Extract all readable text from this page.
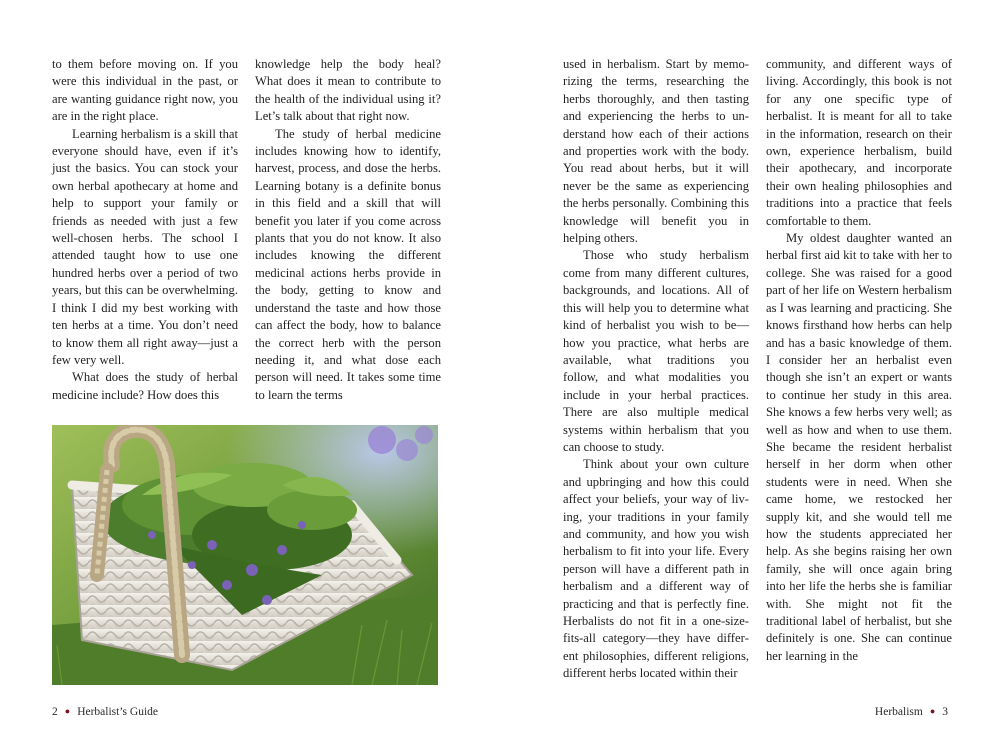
to them before moving on. If you were this individual in the past, or are wanting guidance right now, you are in the right place.

Learning herbalism is a skill that everyone should have, even if it’s just the basics. You can stock your own herbal apothecary at home and help to support your family or friends as needed with just a few well-chosen herbs. The school I attended taught how to use one hundred herbs over a period of two years, but this can be overwhelming. I think I did my best working with ten herbs at a time. You don’t need to know them all right away—just a few very well.

What does the study of herbal medicine include? How does this

knowledge help the body heal? What does it mean to contribute to the health of the individual using it? Let’s talk about that right now.

The study of herbal medicine includes knowing how to identify, harvest, process, and dose the herbs. Learning botany is a definite bonus in this field and a skill that will benefit you later if you come across plants that you do not know. It also includes knowing the different medicinal actions herbs provide in the body, getting to know and understand the taste and how those can affect the body, how to balance the correct herb with the person needing it, and what dose each person will need. It takes some time to learn the terms

used in herbalism. Start by memorizing the terms, researching the herbs thoroughly, and then tasting and experiencing the herbs to understand how each of their actions and properties work with the body. You read about herbs, but it will never be the same as experiencing the herbs personally. Combining this knowledge will benefit you in helping others.

Those who study herbalism come from many different cultures, backgrounds, and locations. All of this will help you to determine what kind of herbalist you wish to be—how you practice, what herbs are available, what traditions you follow, and what modalities you include in your herbal practices. There are also multiple medical systems within herbalism that you can choose to study.

Think about your own culture and upbringing and how this could affect your beliefs, your way of living, your traditions in your family and community, and how you wish herbalism to fit into your life. Every person will have a different path in herbalism and a different way of practicing and that is perfectly fine. Herbalists do not fit in a one-size-fits-all category—they have different philosophies, different religions, different herbs located within their

community, and different ways of living. Accordingly, this book is not for any one specific type of herbalist. It is meant for all to take in the information, research on their own, experience herbalism, build their apothecary, and incorporate their own healing philosophies and traditions into a practice that feels comfortable to them.

My oldest daughter wanted an herbal first aid kit to take with her to college. She was raised for a good part of her life on Western herbalism as I was learning and practicing. She knows firsthand how herbs can help and has a basic knowledge of them. I consider her an herbalist even though she isn’t an expert or wants to continue her study in this area. She knows a few herbs very well; as well as how and when to use them. She became the resident herbalist herself in her dorm when other students were in need. When she came home, we restocked her supply kit, and she would tell me how the students appreciated her help. As she begins raising her own family, she will once again bring into her life the herbs she is familiar with. She might not fit the traditional label of herbalist, but she definitely is one. She can continue her learning in the

2 ● Herbalist’s Guide	Herbalism ● 3
